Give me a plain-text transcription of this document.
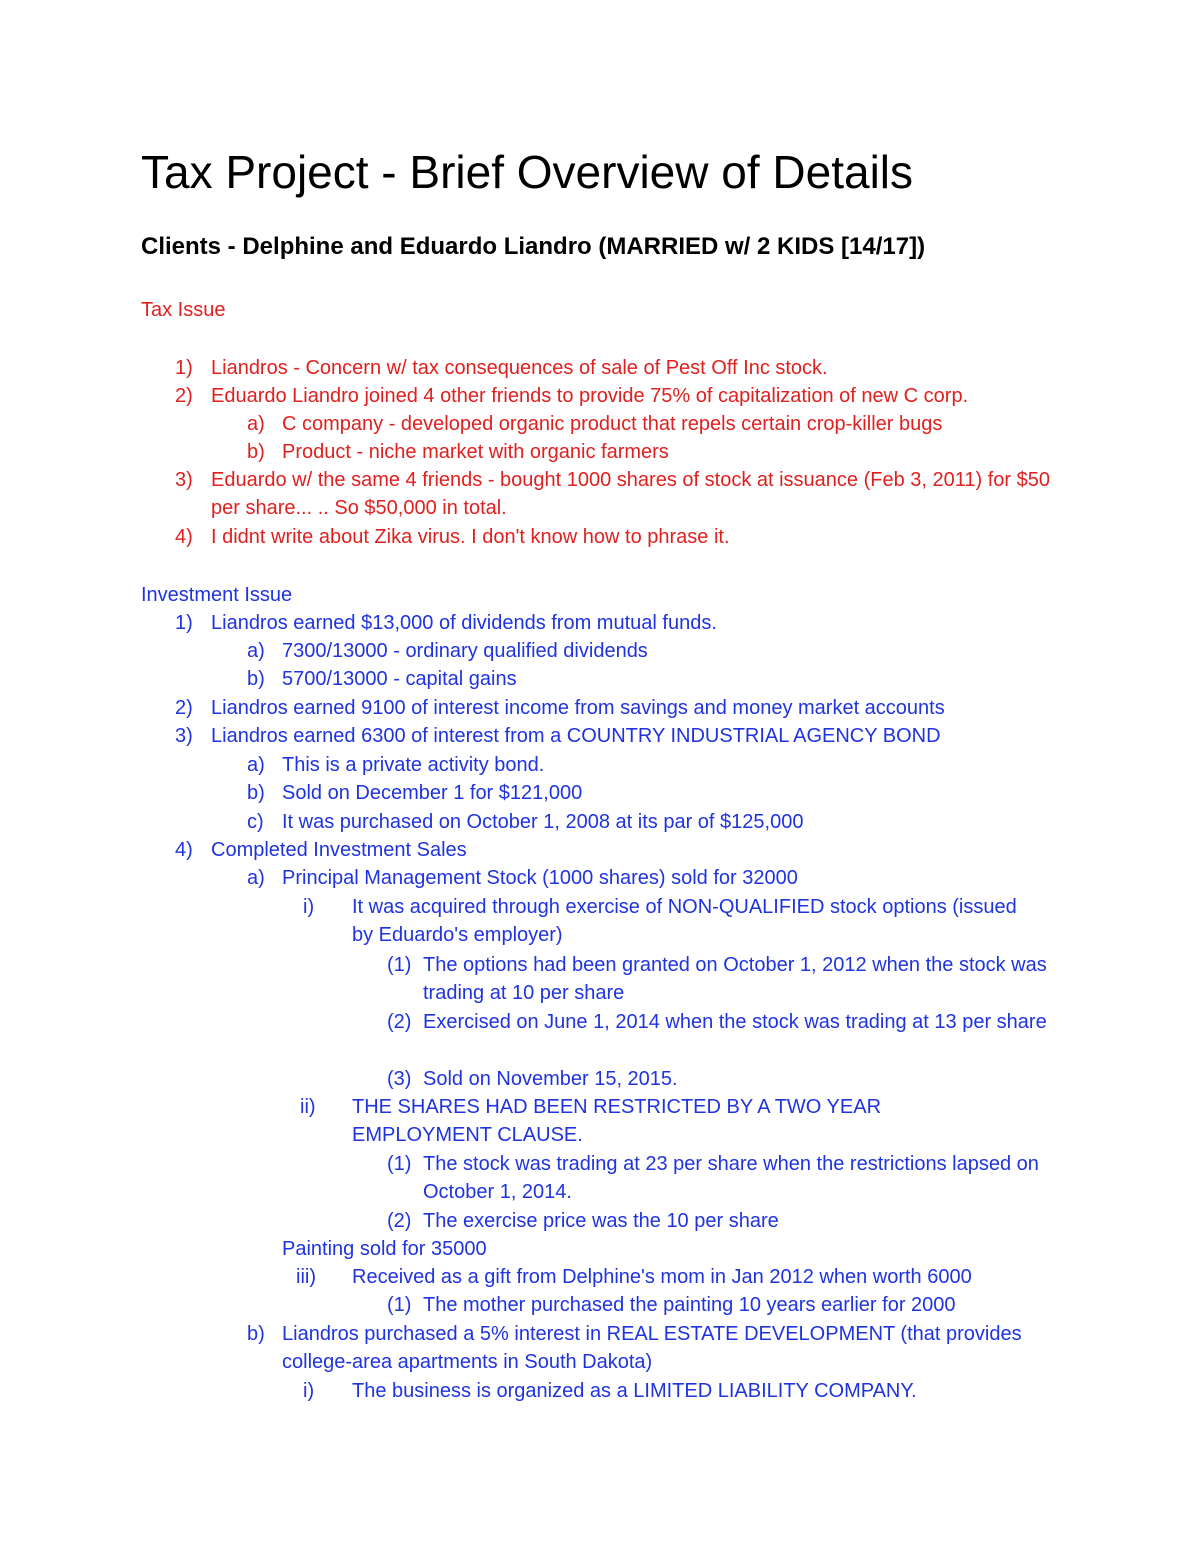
Tax Project - Brief Overview of Details
Clients - Delphine and Eduardo Liandro (MARRIED w/ 2 KIDS [14/17])
Tax Issue
1) Liandros - Concern w/ tax consequences of sale of Pest Off Inc stock.
2) Eduardo Liandro joined 4 other friends to provide 75% of capitalization of new C corp.
a) C company - developed organic product that repels certain crop-killer bugs
b) Product - niche market with organic farmers
3) Eduardo w/ the same 4 friends - bought 1000 shares of stock at issuance (Feb 3, 2011) for $50 per share... .. So $50,000 in total.
4) I didnt write about Zika virus. I don't know how to phrase it.
Investment Issue
1) Liandros earned $13,000 of dividends from mutual funds.
a) 7300/13000 - ordinary qualified dividends
b) 5700/13000 - capital gains
2) Liandros earned 9100 of interest income from savings and money market accounts
3) Liandros earned 6300 of interest from a COUNTRY INDUSTRIAL AGENCY BOND
a) This is a private activity bond.
b) Sold on December 1 for $121,000
c) It was purchased on October 1, 2008 at its par of $125,000
4) Completed Investment Sales
a) Principal Management Stock (1000 shares) sold for 32000
i) It was acquired through exercise of NON-QUALIFIED stock options (issued by Eduardo's employer)
(1) The options had been granted on October 1, 2012 when the stock was trading at 10 per share
(2) Exercised on June 1, 2014 when the stock was trading at 13 per share
(3) Sold on November 15, 2015.
ii) THE SHARES HAD BEEN RESTRICTED BY A TWO YEAR EMPLOYMENT CLAUSE.
(1) The stock was trading at 23 per share when the restrictions lapsed on October 1, 2014.
(2) The exercise price was the 10 per share
Painting sold for 35000
iii) Received as a gift from Delphine's mom in Jan 2012 when worth 6000
(1) The mother purchased the painting 10 years earlier for 2000
b) Liandros purchased a 5% interest in REAL ESTATE DEVELOPMENT (that provides college-area apartments in South Dakota)
i) The business is organized as a LIMITED LIABILITY COMPANY.
